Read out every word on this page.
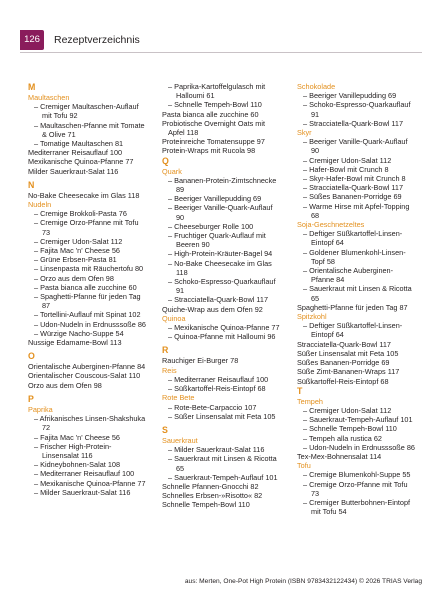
126	Rezeptverzeichnis
M
Maultaschen
– Cremiger Maultaschen-Auflauf mit Tofu 92
– Maultaschen-Pfanne mit Tomate & Olive 71
– Tomatige Maultaschen 81
Mediterraner Reisauflauf 100
Mexikanische Quinoa-Pfanne 77
Milder Sauerkraut-Salat 116
N
No-Bake Cheesecake im Glas 118
Nudeln
– Cremige Brokkoli-Pasta 76
– Cremige Orzo-Pfanne mit Tofu 73
– Cremiger Udon-Salat 112
– Fajita Mac 'n' Cheese 56
– Grüne Erbsen-Pasta 81
– Linsenpasta mit Räuchertofu 80
– Orzo aus dem Ofen 98
– Pasta bianca alle zucchine 60
– Spaghetti-Pfanne für jeden Tag 87
– Tortellini-Auflauf mit Spinat 102
– Udon-Nudeln in Erdnusssoße 86
– Würzige Nacho-Suppe 54
Nussige Edamame-Bowl 113
O
Orientalische Auberginen-Pfanne 84
Orientalischer Couscous-Salat 110
Orzo aus dem Ofen 98
P
Paprika
– Afrikanisches Linsen-Shakshuka 72
– Fajita Mac 'n' Cheese 56
– Frischer High-Protein-Linsensalat 116
– Kidneybohnen-Salat 108
– Mediterraner Reisauflauf 100
– Mexikanische Quinoa-Pfanne 77
– Milder Sauerkraut-Salat 116
– Paprika-Kartoffelgulasch mit Halloumi 61
– Schnelle Tempeh-Bowl 110
Pasta bianca alle zucchine 60
Probiotische Overnight Oats mit Apfel 118
Proteinreiche Tomatensuppe 97
Protein-Wraps mit Rucola 98
Q
Quark
– Bananen-Protein-Zimtschnecke 89
– Beeriger Vanillepudding 69
– Beeriger Vanille-Quark-Auflauf 90
– Cheeseburger Rolle 100
– Fruchtiger Quark-Auflauf mit Beeren 90
– High-Protein-Kräuter-Bagel 94
– No-Bake Cheesecake im Glas 118
– Schoko-Espresso-Quarkauflauf 91
– Stracciatella-Quark-Bowl 117
Quiche-Wrap aus dem Ofen 92
Quinoa
– Mexikanische Quinoa-Pfanne 77
– Quinoa-Pfanne mit Halloumi 96
R
Rauchiger Ei-Burger 78
Reis
– Mediterraner Reisauflauf 100
– Süßkartoffel-Reis-Eintopf 68
Rote Bete
– Rote-Bete-Carpaccio 107
– Süßer Linsensalat mit Feta 105
S
Sauerkraut
– Milder Sauerkraut-Salat 116
– Sauerkraut mit Linsen & Ricotta 65
– Sauerkraut-Tempeh-Auflauf 101
Schnelle Pfannen-Gnocchi 82
Schnelles Erbsen-»Risotto« 82
Schnelle Tempeh-Bowl 110
Schokolade
– Beeriger Vanillepudding 69
– Schoko-Espresso-Quarkauflauf 91
– Stracciatella-Quark-Bowl 117
Skyr
– Beeriger Vanille-Quark-Auflauf 90
– Cremiger Udon-Salat 112
– Hafer-Bowl mit Crunch 8
– Skyr-Hafer-Bowl mit Crunch 8
– Stracciatella-Quark-Bowl 117
– Süßes Bananen-Porridge 69
– Warme Hirse mit Apfel-Topping 68
Soja-Geschnetzeltes
– Deftiger Süßkartoffel-Linsen-Eintopf 64
– Goldener Blumenkohl-Linsen-Topf 58
– Orientalische Auberginen-Pfanne 84
– Sauerkraut mit Linsen & Ricotta 65
Spaghetti-Pfanne für jeden Tag 87
Spitzkohl
– Deftiger Süßkartoffel-Linsen-Eintopf 64
Stracciatella-Quark-Bowl 117
Süßer Linsensalat mit Feta 105
Süßes Bananen-Porridge 69
Süße Zimt-Bananen-Wraps 117
Süßkartoffel-Reis-Eintopf 68
T
Tempeh
– Cremiger Udon-Salat 112
– Sauerkraut-Tempeh-Auflauf 101
– Schnelle Tempeh-Bowl 110
– Tempeh alla rustica 62
– Udon-Nudeln in Erdnusssoße 86
Tex-Mex-Bohnensalat 114
Tofu
– Cremige Blumenkohl-Suppe 55
– Cremige Orzo-Pfanne mit Tofu 73
– Cremiger Butterbohnen-Eintopf mit Tofu 54
aus: Merten, One-Pot High Protein (ISBN 9783432122434) © 2026 TRIAS Verlag
